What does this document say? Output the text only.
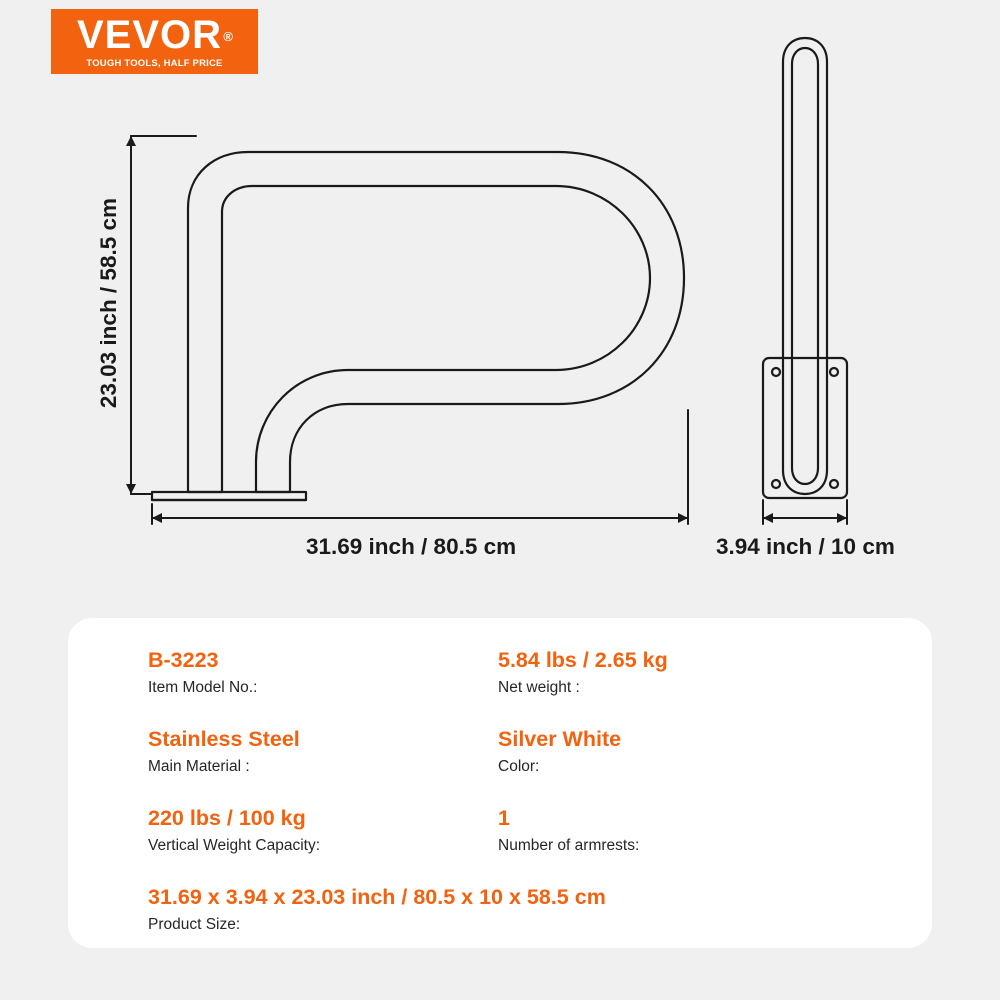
VEVOR ®
TOUGH TOOLS, HALF PRICE
23.03 inch / 58.5 cm
31.69 inch / 80.5 cm	3.94 inch / 10 cm
B-3223
Item Model No.:
5.84 lbs / 2.65 kg
Net weight :
Stainless Steel
Main Material :
Silver White
Color:
220 lbs / 100 kg
Vertical Weight Capacity:
1
Number of armrests:
31.69 x 3.94 x 23.03 inch / 80.5 x 10 x 58.5 cm
Product Size:
